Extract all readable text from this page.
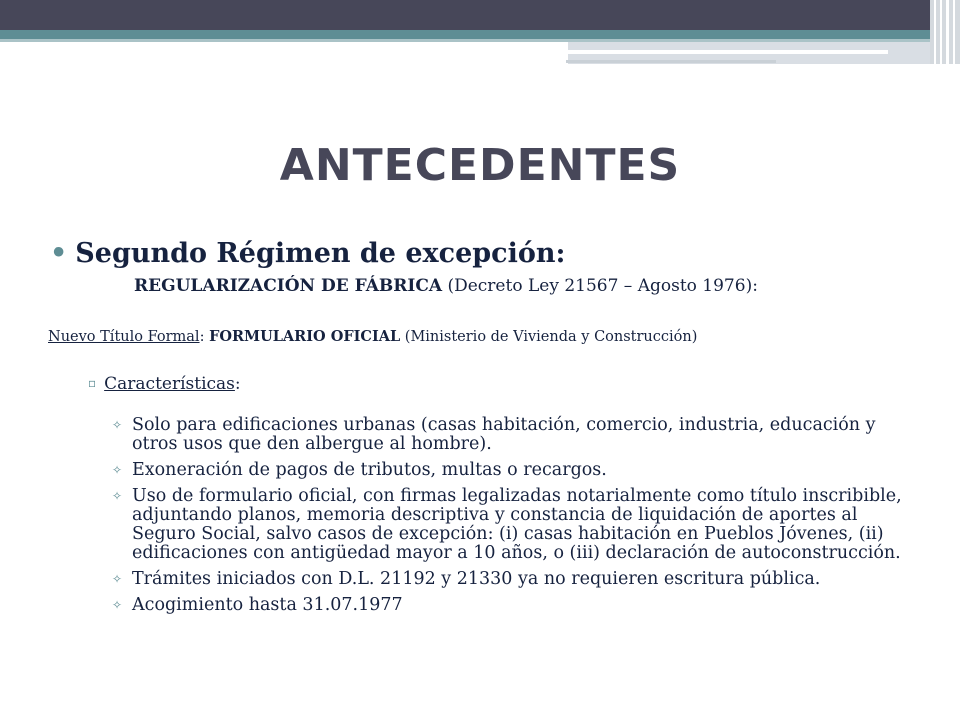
ANTECEDENTES
• Segundo Régimen de excepción:
REGULARIZACIÓN DE FÁBRICA (Decreto Ley 21567 – Agosto 1976):
Nuevo Título Formal: FORMULARIO OFICIAL (Ministerio de Vivienda y Construcción)
▫ Características:
✧ Solo para edificaciones urbanas (casas habitación, comercio, industria, educación y otros usos que den albergue al hombre).
✧ Exoneración de pagos de tributos, multas o recargos.
✧ Uso de formulario oficial, con firmas legalizadas notarialmente como título inscribible, adjuntando planos, memoria descriptiva y constancia de liquidación de aportes al Seguro Social, salvo casos de excepción: (i) casas habitación en Pueblos Jóvenes, (ii) edificaciones con antigüedad mayor a 10 años, o (iii) declaración de autoconstrucción.
✧ Trámites iniciados con D.L. 21192 y 21330 ya no requieren escritura pública.
✧ Acogimiento hasta 31.07.1977
